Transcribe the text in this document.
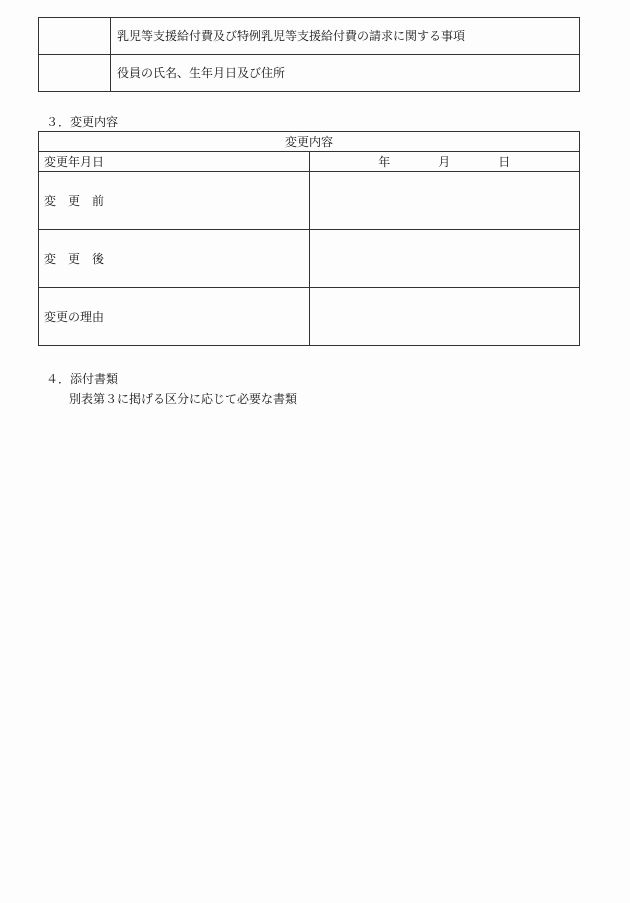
	乳児等支援給付費及び特例乳児等支援給付費の請求に関する事項
	役員の氏名、生年月日及び住所
３．変更内容
変更内容	
変更年月日	年 月 日
変　更　前	
変　更　後	
変更の理由	
４．添付書類
別表第３に掲げる区分に応じて必要な書類
